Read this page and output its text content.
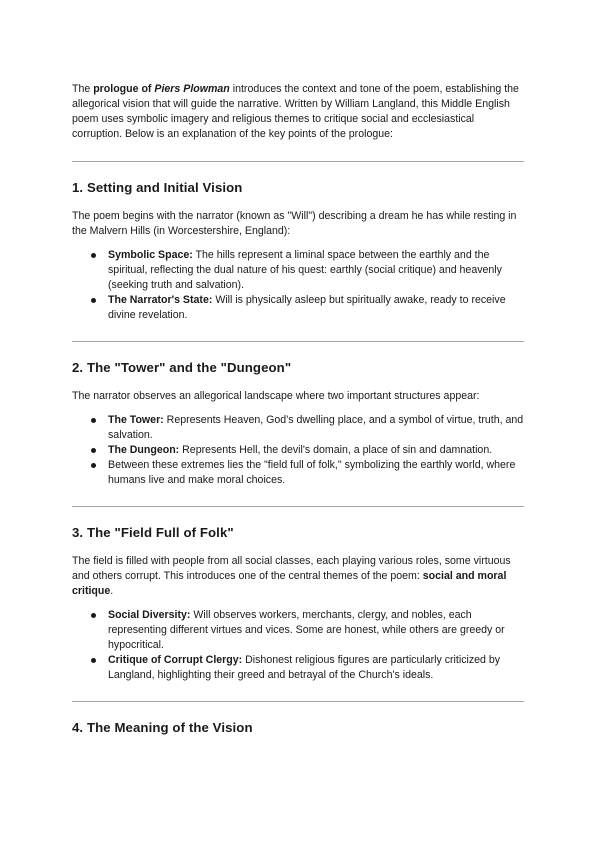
The prologue of Piers Plowman introduces the context and tone of the poem, establishing the allegorical vision that will guide the narrative. Written by William Langland, this Middle English poem uses symbolic imagery and religious themes to critique social and ecclesiastical corruption. Below is an explanation of the key points of the prologue:

1. Setting and Initial Vision

The poem begins with the narrator (known as "Will") describing a dream he has while resting in the Malvern Hills (in Worcestershire, England):

Symbolic Space: The hills represent a liminal space between the earthly and the spiritual, reflecting the dual nature of his quest: earthly (social critique) and heavenly (seeking truth and salvation).
The Narrator's State: Will is physically asleep but spiritually awake, ready to receive divine revelation.
2. The "Tower" and the "Dungeon"

The narrator observes an allegorical landscape where two important structures appear:

The Tower: Represents Heaven, God's dwelling place, and a symbol of virtue, truth, and salvation.
The Dungeon: Represents Hell, the devil's domain, a place of sin and damnation.
Between these extremes lies the "field full of folk," symbolizing the earthly world, where humans live and make moral choices.
3. The "Field Full of Folk"

The field is filled with people from all social classes, each playing various roles, some virtuous and others corrupt. This introduces one of the central themes of the poem: social and moral critique.

Social Diversity: Will observes workers, merchants, clergy, and nobles, each representing different virtues and vices. Some are honest, while others are greedy or hypocritical.
Critique of Corrupt Clergy: Dishonest religious figures are particularly criticized by Langland, highlighting their greed and betrayal of the Church's ideals.
4. The Meaning of the Vision
